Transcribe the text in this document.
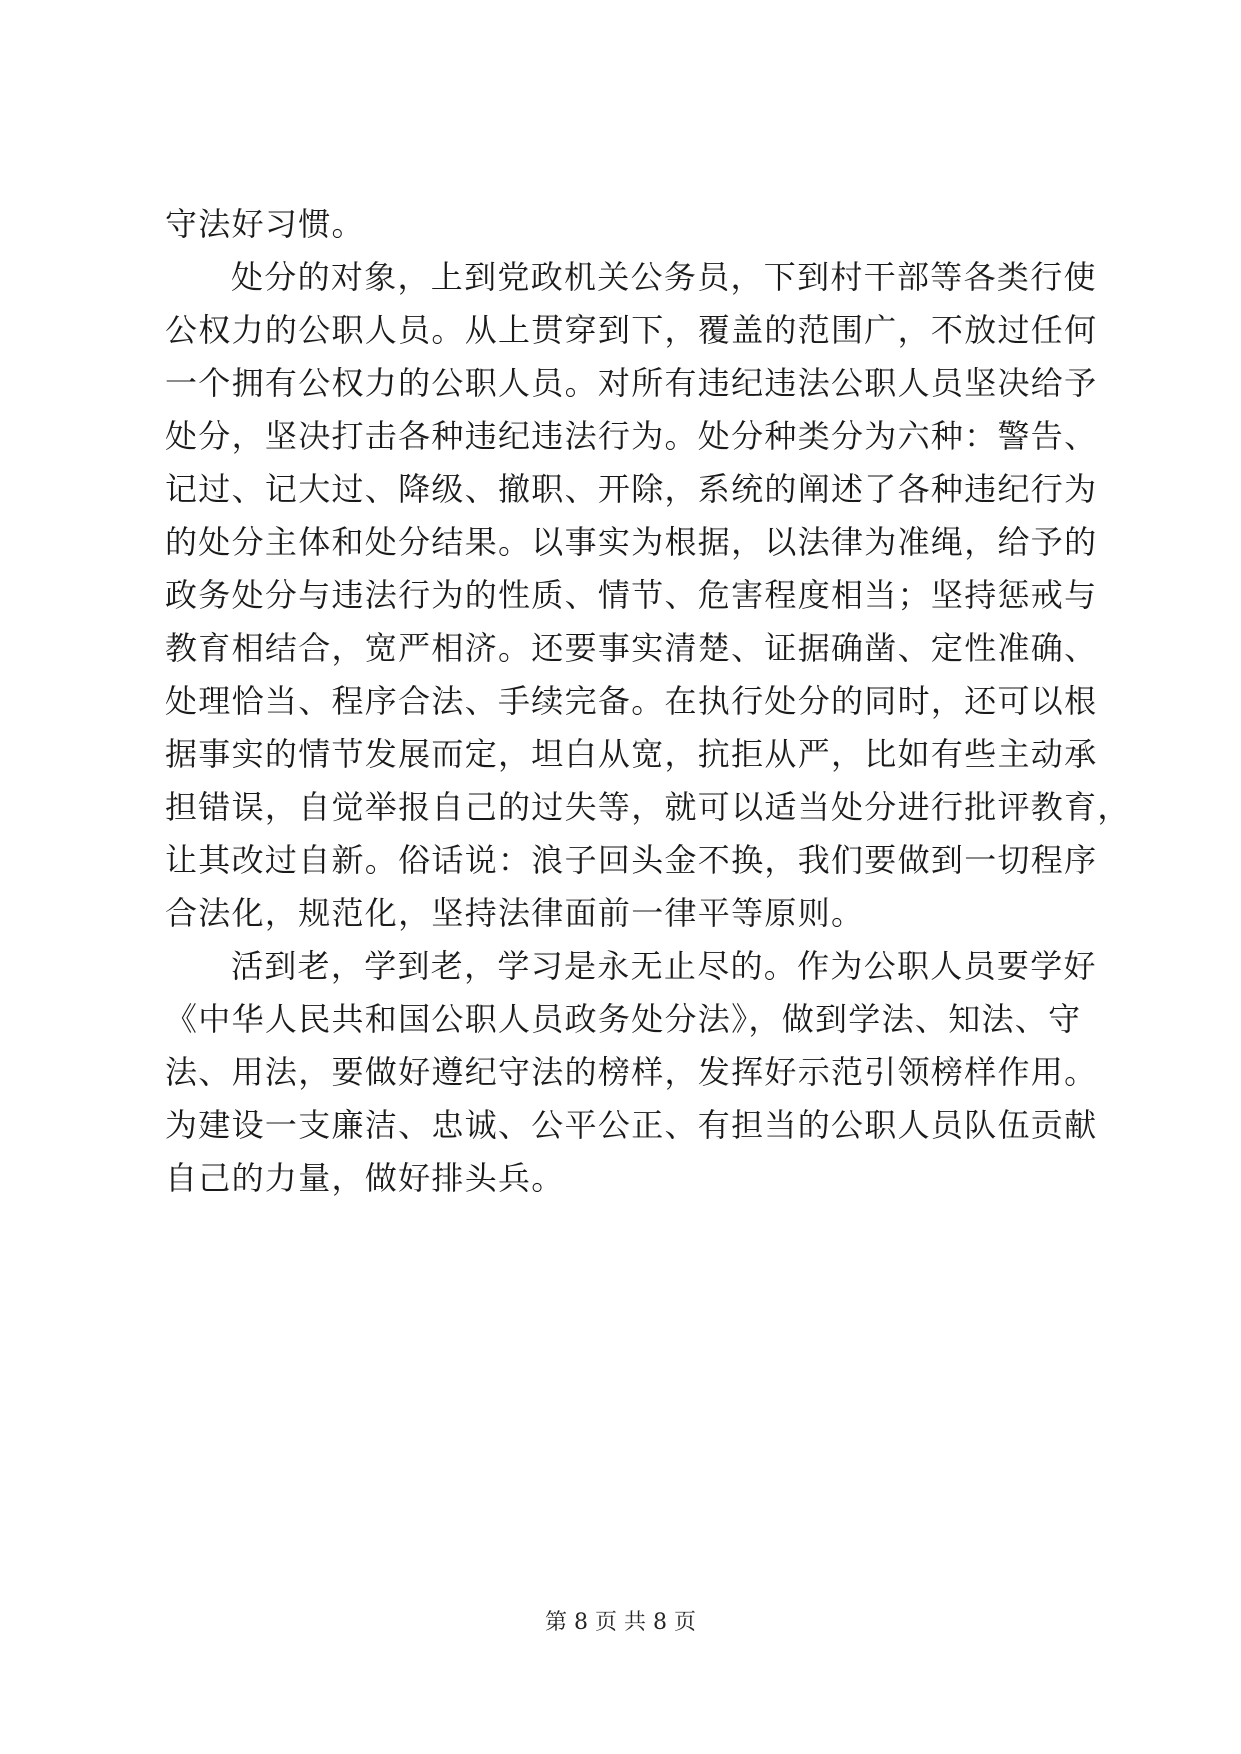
守法好习惯。
处分的对象，上到党政机关公务员，下到村干部等各类行使
公权力的公职人员。从上贯穿到下，覆盖的范围广，不放过任何
一个拥有公权力的公职人员。对所有违纪违法公职人员坚决给予
处分，坚决打击各种违纪违法行为。处分种类分为六种：警告、
记过、记大过、降级、撤职、开除，系统的阐述了各种违纪行为
的处分主体和处分结果。以事实为根据，以法律为准绳，给予的
政务处分与违法行为的性质、情节、危害程度相当；坚持惩戒与
教育相结合，宽严相济。还要事实清楚、证据确凿、定性准确、
处理恰当、程序合法、手续完备。在执行处分的同时，还可以根
据事实的情节发展而定，坦白从宽，抗拒从严，比如有些主动承
担错误，自觉举报自己的过失等，就可以适当处分进行批评教育，
让其改过自新。俗话说：浪子回头金不换，我们要做到一切程序
合法化，规范化，坚持法律面前一律平等原则。
活到老，学到老，学习是永无止尽的。作为公职人员要学好
《中华人民共和国公职人员政务处分法》，做到学法、知法、守
法、用法，要做好遵纪守法的榜样，发挥好示范引领榜样作用。
为建设一支廉洁、忠诚、公平公正、有担当的公职人员队伍贡献
自己的力量，做好排头兵。
第 8 页 共 8 页
